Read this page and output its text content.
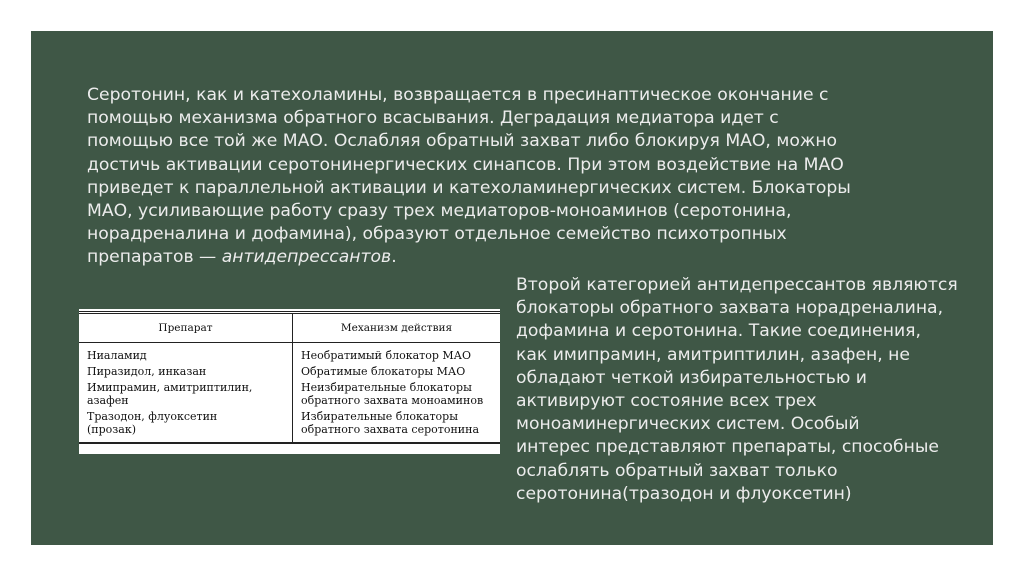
Серотонин, как и катехоламины, возвращается в пресинаптическое окончание с
помощью механизма обратного всасывания. Деградация медиатора идет с
помощью все той же МАО. Ослабляя обратный захват либо блокируя МАО, можно
достичь активации серотонинергических синапсов. При этом воздействие на МАО
приведет к параллельной активации и катехоламинергических систем. Блокаторы
МАО, усиливающие работу сразу трех медиаторов-моноаминов (серотонина,
норадреналина и дофамина), образуют отдельное семейство психотропных
препаратов — антидепрессантов.

Препарат	Механизм действия
Ниаламид	Необратимый блокатор МАО
Пиразидол, инказан	Обратимые блокаторы МАО
Имипрамин, амитриптилин,
азафен	Неизбирательные блокаторы
обратного захвата моноаминов
Тразодон, флуоксетин
(прозак)	Избирательные блокаторы
обратного захвата серотонина

Второй категорией антидепрессантов являются
блокаторы обратного захвата норадреналина,
дофамина и серотонина. Такие соединения,
как имипрамин, амитриптилин, азафен, не
обладают четкой избирательностью и
активируют состояние всех трех
моноаминергических систем. Особый
интерес представляют препараты, способные
ослаблять обратный захват только
серотонина(тразодон и флуоксетин)
